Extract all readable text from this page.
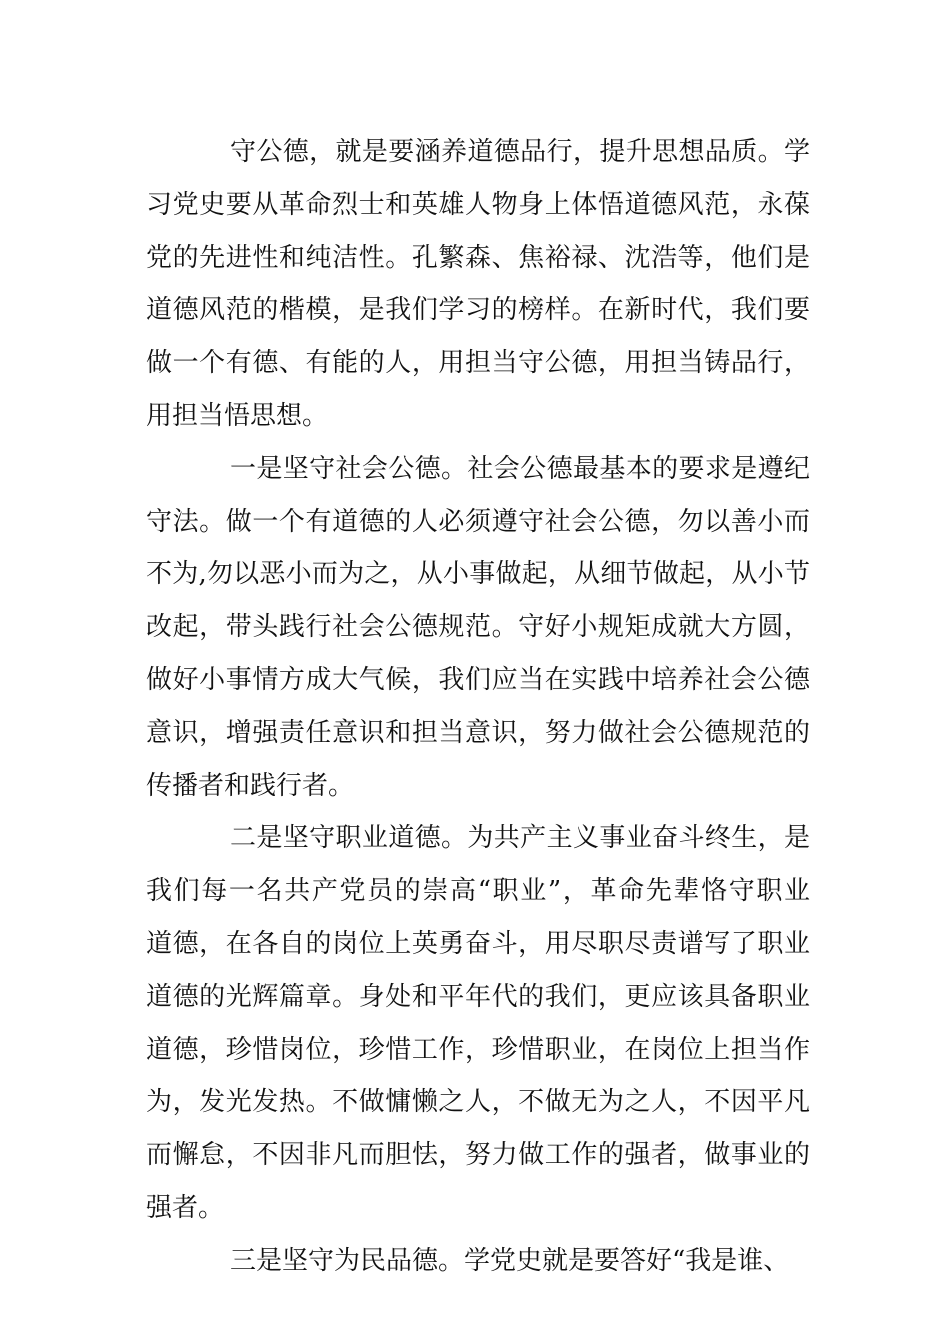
守公德，就是要涵养道德品行，提升思想品质。学
习党史要从革命烈士和英雄人物身上体悟道德风范，永葆
党的先进性和纯洁性。孔繁森、焦裕禄、沈浩等，他们是
道德风范的楷模，是我们学习的榜样。在新时代，我们要
做一个有德、有能的人，用担当守公德，用担当铸品行，
用担当悟思想。
一是坚守社会公德。社会公德最基本的要求是遵纪
守法。做一个有道德的人必须遵守社会公德，勿以善小而
不为,勿以恶小而为之，从小事做起，从细节做起，从小节
改起，带头践行社会公德规范。守好小规矩成就大方圆，
做好小事情方成大气候，我们应当在实践中培养社会公德
意识，增强责任意识和担当意识，努力做社会公德规范的
传播者和践行者。
二是坚守职业道德。为共产主义事业奋斗终生，是
我们每一名共产党员的崇高“职业”，革命先辈恪守职业
道德，在各自的岗位上英勇奋斗，用尽职尽责谱写了职业
道德的光辉篇章。身处和平年代的我们，更应该具备职业
道德，珍惜岗位，珍惜工作，珍惜职业，在岗位上担当作
为，发光发热。不做慵懒之人，不做无为之人，不因平凡
而懈怠，不因非凡而胆怯，努力做工作的强者，做事业的
强者。
三是坚守为民品德。学党史就是要答好“我是谁、
